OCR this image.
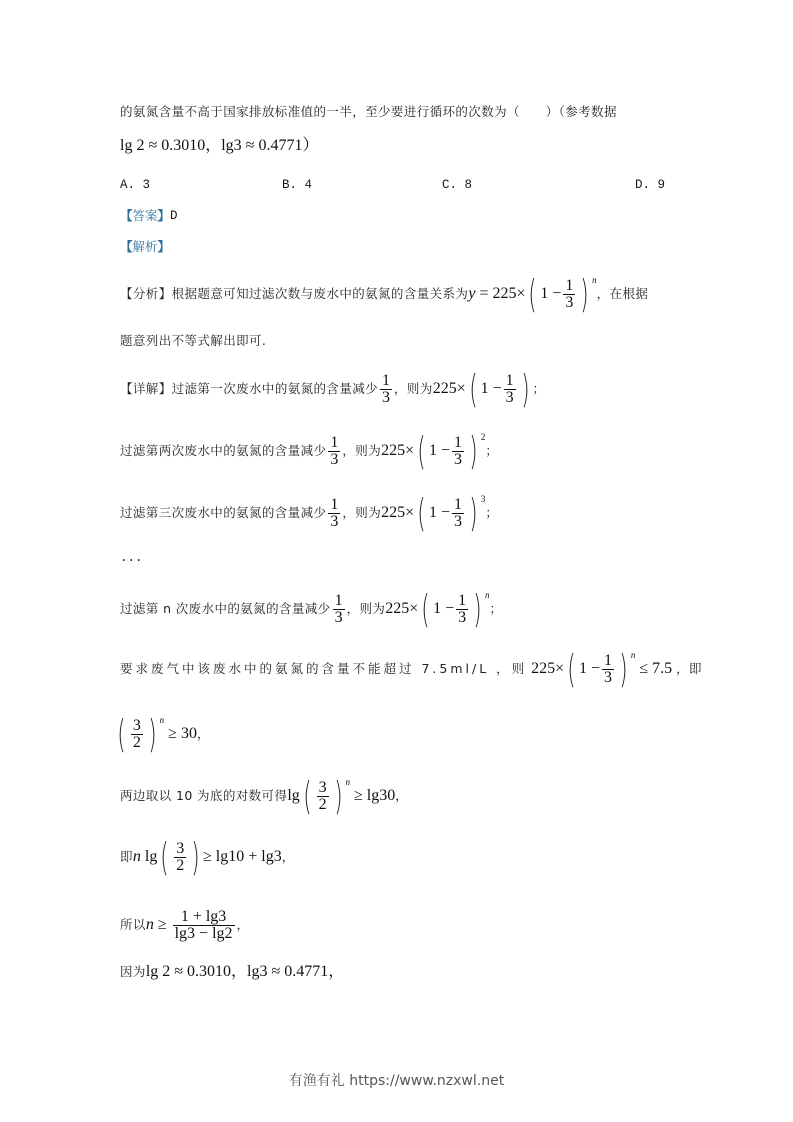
的氨氮含量不高于国家排放标准值的一半，至少要进行循环的次数为（　　）（参考数据
lg 2 ≈ 0.3010，lg3 ≈ 0.4771）
A. 3	B. 4	C. 8	D. 9
【答案】 D
【解析】
【分析】 根据题意可知过滤次数与废水中的氨氮的含量关系为 y = 225× ( $1 - \frac{1}{3}$ ) n
，在根据
题意列出不等式解出即可.
【详解】 过滤第一次废水中的氨氮的含量减少 $\frac{1}{3}$ ，则为 225× ( $1 - \frac{1}{3}$ ) ；
过滤第两次废水中的氨氮的含量减少 $\frac{1}{3}$ ，则为 225× ( $1 - \frac{1}{3}$ ) 2
；
过滤第三次废水中的氨氮的含量减少 $\frac{1}{3}$ ，则为 225× ( $1 - \frac{1}{3}$ ) 3
；
...
过滤第 n 次废水中的氨氮的含量减少 $\frac{1}{3}$ ，则为 225× ( $1 - \frac{1}{3}$ ) n
；
要求废气中该废水中的氨氮的含量不能超过 7.5ml/L ，则 225× ( $1 - \frac{1}{3}$ ) n

≤ 7.5 ，即
( $\frac{3}{2}$ ) n

≥ 30 ，
两边取以 10 为底的对数可得 lg ( $\frac{3}{2}$ ) n

≥ lg30 ，
即 n
lg ( $\frac{3}{2}$ ) ≥ lg10 + lg3 ，
所以 n
≥ $\frac{1 + \lg 3}{\lg 3 - \lg 2}$ ，
因为 lg 2 ≈ 0.3010，lg3 ≈ 0.4771，
有渔有礼 https://www.nzxwl.net
